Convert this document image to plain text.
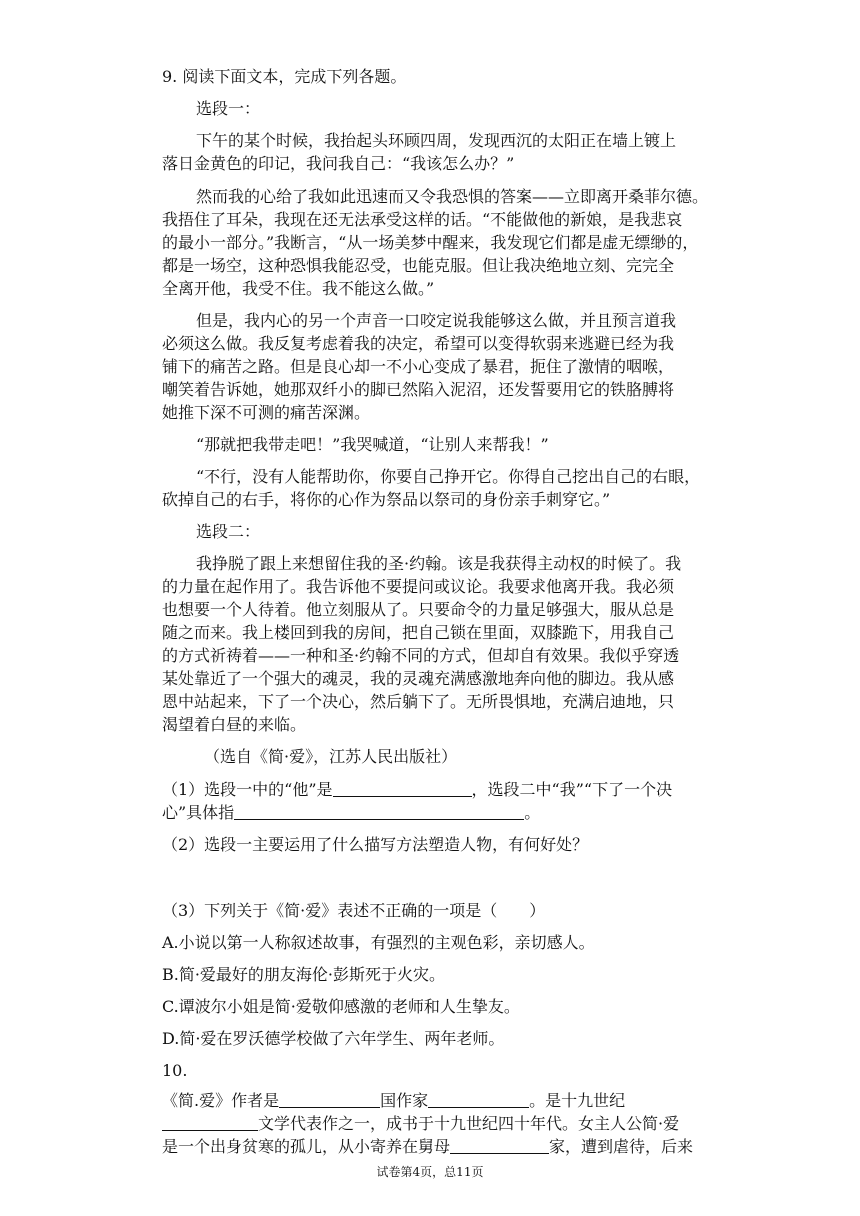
9. 阅读下面文本，完成下列各题。
选段一：
下午的某个时候，我抬起头环顾四周，发现西沉的太阳正在墙上镀上
落日金黄色的印记，我问我自己：“我该怎么办？”
然而我的心给了我如此迅速而又令我恐惧的答案——立即离开桑菲尔德。
我捂住了耳朵，我现在还无法承受这样的话。“不能做他的新娘，是我悲哀
的最小一部分。”我断言，“从一场美梦中醒来，我发现它们都是虚无缥缈的，
都是一场空，这种恐惧我能忍受，也能克服。但让我决绝地立刻、完完全
全离开他，我受不住。我不能这么做。”
但是，我内心的另一个声音一口咬定说我能够这么做，并且预言道我
必须这么做。我反复考虑着我的决定，希望可以变得软弱来逃避已经为我
铺下的痛苦之路。但是良心却一不小心变成了暴君，扼住了激情的咽喉，
嘲笑着告诉她，她那双纤小的脚已然陷入泥沼，还发誓要用它的铁胳膊将
她推下深不可测的痛苦深渊。
“那就把我带走吧！”我哭喊道，“让别人来帮我！”
“不行，没有人能帮助你，你要自己挣开它。你得自己挖出自己的右眼，
砍掉自己的右手，将你的心作为祭品以祭司的身份亲手刺穿它。”
选段二：
我挣脱了跟上来想留住我的圣·约翰。该是我获得主动权的时候了。我
的力量在起作用了。我告诉他不要提问或议论。我要求他离开我。我必须
也想要一个人待着。他立刻服从了。只要命令的力量足够强大，服从总是
随之而来。我上楼回到我的房间，把自己锁在里面，双膝跪下，用我自己
的方式祈祷着——一种和圣·约翰不同的方式，但却自有效果。我似乎穿透
某处靠近了一个强大的魂灵，我的灵魂充满感激地奔向他的脚边。我从感
恩中站起来，下了一个决心，然后躺下了。无所畏惧地，充满启迪地，只
渴望着白昼的来临。
（选自《简·爱》，江苏人民出版社）
（1）选段一中的“他”是	，选段二中“我”“下了一个决
心”具体指	。
（2）选段一主要运用了什么描写方法塑造人物，有何好处？
（3）下列关于《简·爱》表述不正确的一项是（　　）
A.小说以第一人称叙述故事，有强烈的主观色彩，亲切感人。
B.简·爱最好的朋友海伦·彭斯死于火灾。
C.谭波尔小姐是简·爱敬仰感激的老师和人生挚友。
D.简·爱在罗沃德学校做了六年学生、两年老师。
10.
《简.爱》作者是	国作家	。是十九世纪
文学代表作之一，成书于十九世纪四十年代。女主人公简·爱
是一个出身贫寒的孤儿，从小寄养在舅母	家，遭到虐待，后来
试卷第4页，总11页
